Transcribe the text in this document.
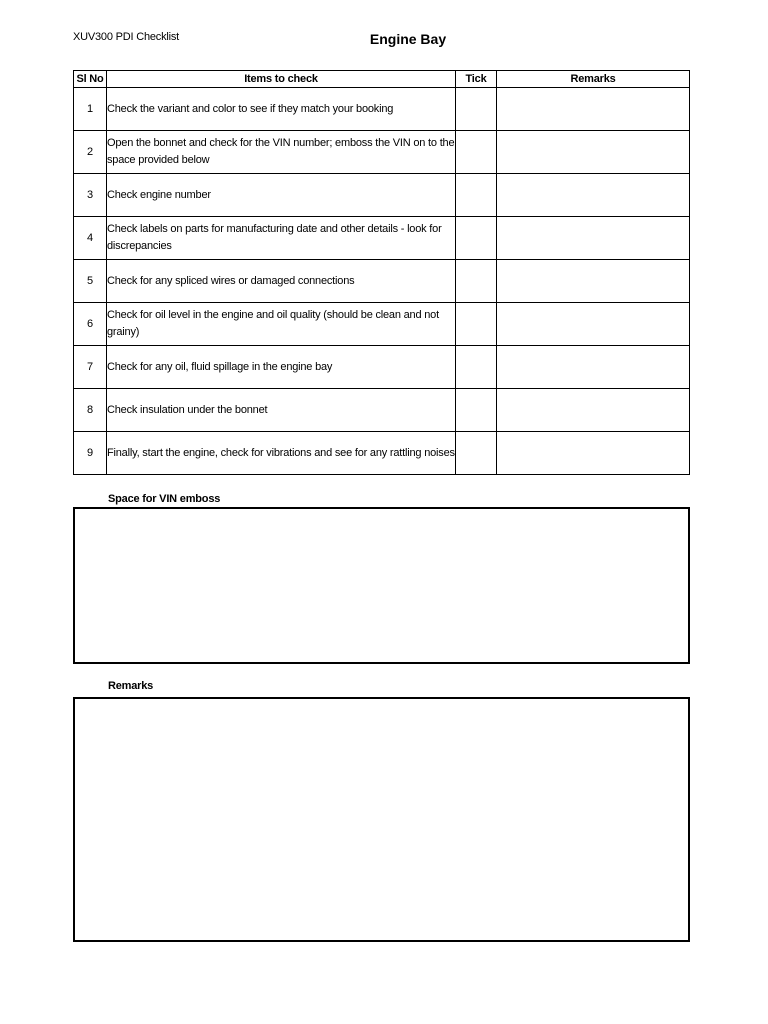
XUV300 PDI Checklist	Engine Bay
Sl No	Items to check	Tick	Remarks
1	Check the variant and color to see if they match your booking		
2	Open the bonnet and check for the VIN number; emboss the VIN on to the space provided below		
3	Check engine number		
4	Check labels on parts for manufacturing date and other details - look for discrepancies		
5	Check for any spliced wires or damaged connections		
6	Check for oil level in the engine and oil quality (should be clean and not grainy)		
7	Check for any oil, fluid spillage in the engine bay		
8	Check insulation under the bonnet		
9	Finally, start the engine, check for vibrations and see for any rattling noises		
Space for VIN emboss
Remarks
